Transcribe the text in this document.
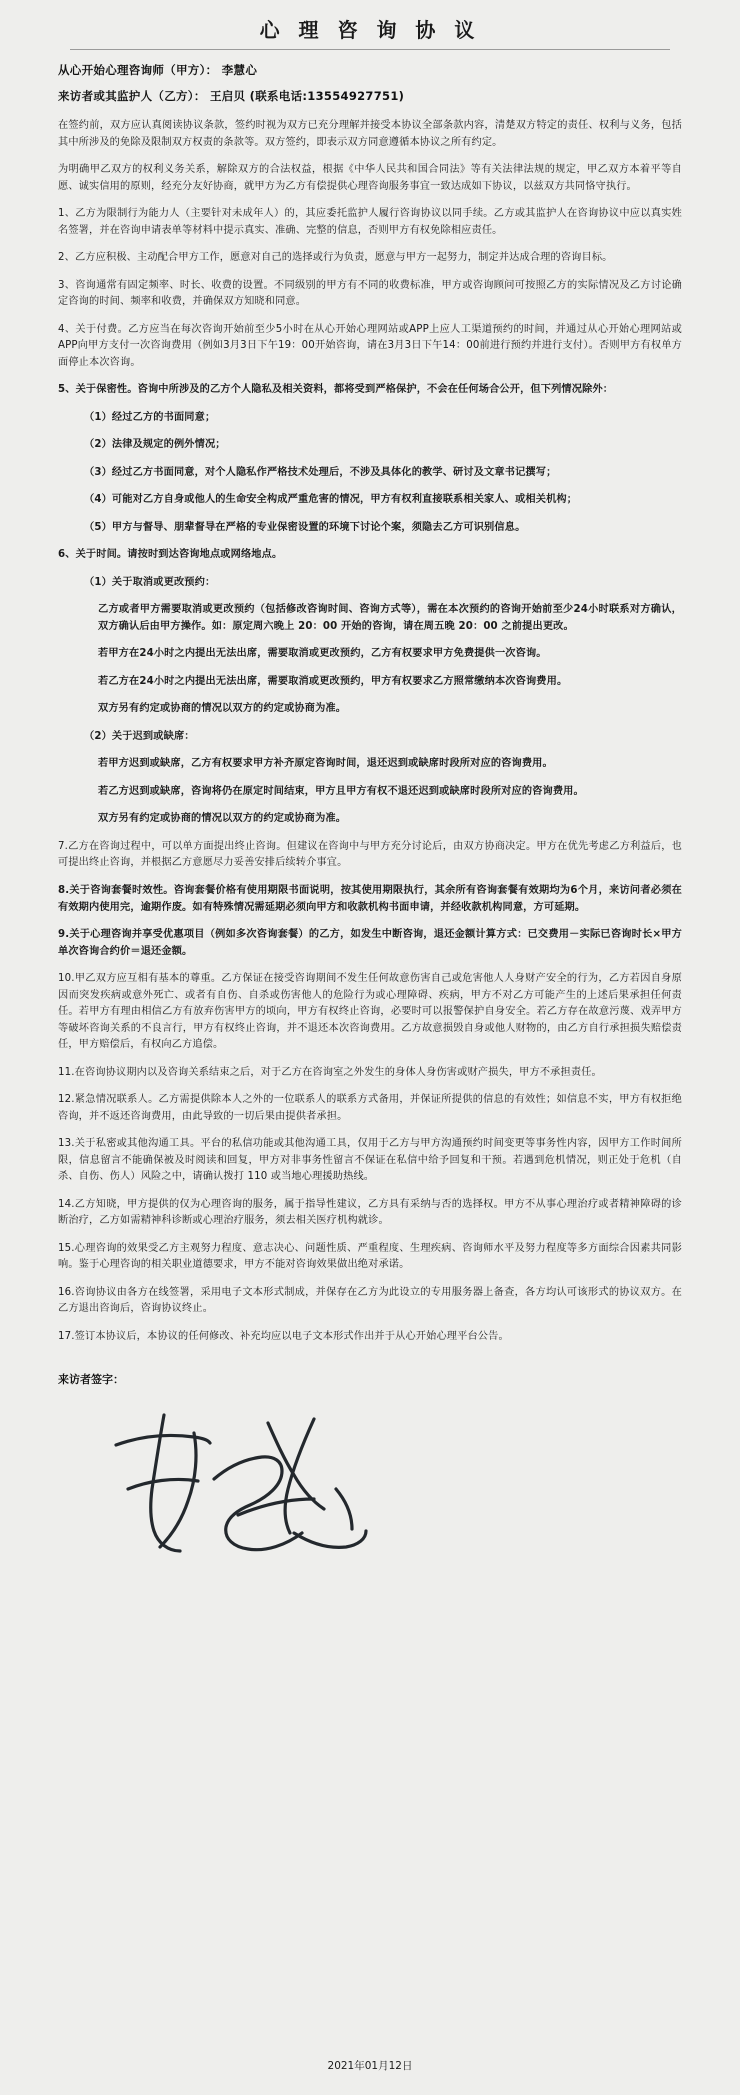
心 理 咨 询 协 议
从心开始心理咨询师（甲方）： 李慧心
来访者或其监护人（乙方）： 王启贝 (联系电话:13554927751)

在签约前，双方应认真阅读协议条款，签约时视为双方已充分理解并接受本协议全部条款内容，清楚双方特定的责任、权利与义务，包括其中所涉及的免除及限制双方权责的条款等。双方签约，即表示双方同意遵循本协议之所有约定。

为明确甲乙双方的权利义务关系，解除双方的合法权益，根据《中华人民共和国合同法》等有关法律法规的规定，甲乙双方本着平等自愿、诚实信用的原则，经充分友好协商，就甲方为乙方有偿提供心理咨询服务事宜一致达成如下协议，以兹双方共同恪守执行。

1、乙方为限制行为能力人（主要针对未成年人）的，其应委托监护人履行咨询协议以同手续。乙方或其监护人在咨询协议中应以真实姓名签署，并在咨询申请表单等材料中提示真实、准确、完整的信息，否则甲方有权免除相应责任。

2、乙方应积极、主动配合甲方工作，愿意对自己的选择或行为负责，愿意与甲方一起努力，制定并达成合理的咨询目标。

3、咨询通常有固定频率、时长、收费的设置。不同级别的甲方有不同的收费标准，甲方或咨询顾问可按照乙方的实际情况及乙方讨论确定咨询的时间、频率和收费，并确保双方知晓和同意。

4、关于付费。乙方应当在每次咨询开始前至少5小时在从心开始心理网站或APP上应人工渠道预约的时间，并通过从心开始心理网站或APP向甲方支付一次咨询费用（例如3月3日下午19：00开始咨询，请在3月3日下午14：00前进行预约并进行支付）。否则甲方有权单方面停止本次咨询。

5、关于保密性。咨询中所涉及的乙方个人隐私及相关资料，都将受到严格保护，不会在任何场合公开，但下列情况除外：

（1）经过乙方的书面同意；

（2）法律及规定的例外情况；

（3）经过乙方书面同意，对个人隐私作严格技术处理后，不涉及具体化的教学、研讨及文章书记撰写；

（4）可能对乙方自身或他人的生命安全构成严重危害的情况，甲方有权利直接联系相关家人、或相关机构；

（5）甲方与督导、朋辈督导在严格的专业保密设置的环境下讨论个案，须隐去乙方可识别信息。

6、关于时间。请按时到达咨询地点或网络地点。

（1）关于取消或更改预约：

乙方或者甲方需要取消或更改预约（包括修改咨询时间、咨询方式等），需在本次预约的咨询开始前至少24小时联系对方确认，双方确认后由甲方操作。如：原定周六晚上 20：00 开始的咨询，请在周五晚 20：00 之前提出更改。

若甲方在24小时之内提出无法出席，需要取消或更改预约，乙方有权要求甲方免费提供一次咨询。

若乙方在24小时之内提出无法出席，需要取消或更改预约，甲方有权要求乙方照常缴纳本次咨询费用。

双方另有约定或协商的情况以双方的约定或协商为准。

（2）关于迟到或缺席：

若甲方迟到或缺席，乙方有权要求甲方补齐原定咨询时间，退还迟到或缺席时段所对应的咨询费用。

若乙方迟到或缺席，咨询将仍在原定时间结束，甲方且甲方有权不退还迟到或缺席时段所对应的咨询费用。

双方另有约定或协商的情况以双方的约定或协商为准。

7.乙方在咨询过程中，可以单方面提出终止咨询。但建议在咨询中与甲方充分讨论后，由双方协商决定。甲方在优先考虑乙方利益后，也可提出终止咨询，并根据乙方意愿尽力妥善安排后续转介事宜。

8.关于咨询套餐时效性。咨询套餐价格有使用期限书面说明，按其使用期限执行，其余所有咨询套餐有效期均为6个月，来访问者必须在有效期内使用完，逾期作废。如有特殊情况需延期必须向甲方和收款机构书面申请，并经收款机构同意，方可延期。

9.关于心理咨询并享受优惠项目（例如多次咨询套餐）的乙方，如发生中断咨询，退还金额计算方式：已交费用－实际已咨询时长×甲方单次咨询合约价＝退还金额。

10.甲乙双方应互相有基本的尊重。乙方保证在接受咨询期间不发生任何故意伤害自己或危害他人人身财产安全的行为，乙方若因自身原因而突发疾病或意外死亡、或者有自伤、自杀或伤害他人的危险行为或心理障碍、疾病，甲方不对乙方可能产生的上述后果承担任何责任。若甲方有理由相信乙方有放弃伤害甲方的顷向，甲方有权终止咨询，必要时可以报警保护自身安全。若乙方存在故意污蔑、戏弄甲方等破坏咨询关系的不良言行，甲方有权终止咨询，并不退还本次咨询费用。乙方故意损毁自身或他人财物的，由乙方自行承担损失赔偿责任，甲方赔偿后，有权向乙方追偿。

11.在咨询协议期内以及咨询关系结束之后，对于乙方在咨询室之外发生的身体人身伤害或财产损失，甲方不承担责任。

12.紧急情况联系人。乙方需提供除本人之外的一位联系人的联系方式备用，并保证所提供的信息的有效性；如信息不实，甲方有权拒绝咨询，并不返还咨询费用，由此导致的一切后果由提供者承担。

13.关于私密或其他沟通工具。平台的私信功能或其他沟通工具，仅用于乙方与甲方沟通预约时间变更等事务性内容，因甲方工作时间所限，信息留言不能确保被及时阅读和回复，甲方对非事务性留言不保证在私信中给予回复和干预。若遇到危机情况，则正处于危机（自杀、自伤、伤人）风险之中，请确认拨打 110 或当地心理援助热线。

14.乙方知晓，甲方提供的仅为心理咨询的服务，属于指导性建议，乙方具有采纳与否的选择权。甲方不从事心理治疗或者精神障碍的诊断治疗，乙方如需精神科诊断或心理治疗服务，须去相关医疗机构就诊。

15.心理咨询的效果受乙方主观努力程度、意志决心、问题性质、严重程度、生理疾病、咨询师水平及努力程度等多方面综合因素共同影响。鉴于心理咨询的相关职业道德要求，甲方不能对咨询效果做出绝对承诺。

16.咨询协议由各方在线签署，采用电子文本形式制成，并保存在乙方为此设立的专用服务器上备查，各方均认可该形式的协议双方。在乙方退出咨询后，咨询协议终止。

17.签订本协议后，本协议的任何修改、补充均应以电子文本形式作出并于从心开始心理平台公告。

来访者签字：
2021年01月12日
